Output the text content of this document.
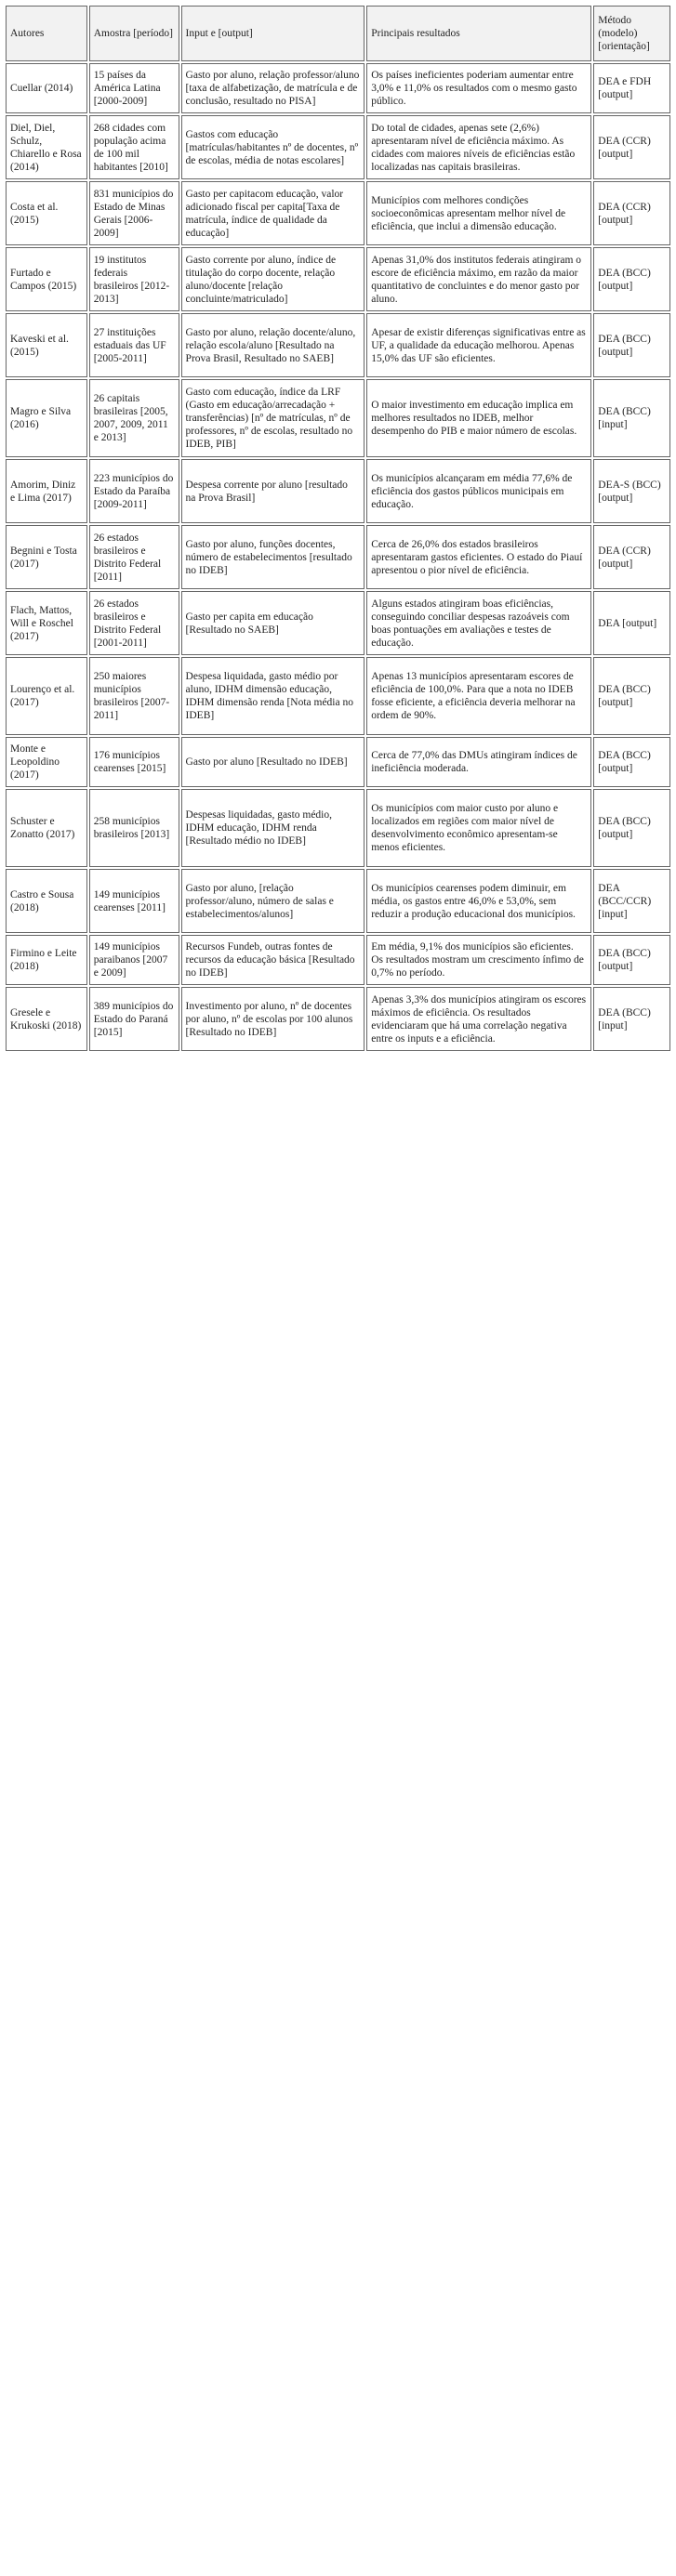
Autores	Amostra [período]	Input e [output]	Principais resultados	Método (modelo) [orientação]
Cuellar (2014)	15 países da América Latina [2000-2009]	Gasto por aluno, relação professor/aluno [taxa de alfabetização, de matrícula e de conclusão, resultado no PISA]	Os países ineficientes poderiam aumentar entre 3,0% e 11,0% os resultados com o mesmo gasto público.	DEA e FDH [output]
Diel, Diel, Schulz, Chiarello e Rosa (2014)	268 cidades com população acima de 100 mil habitantes [2010]	Gastos com educação [matrículas/habitantes nº de docentes, nº de escolas, média de notas escolares]	Do total de cidades, apenas sete (2,6%) apresentaram nível de eficiência máximo. As cidades com maiores níveis de eficiências estão localizadas nas capitais brasileiras.	DEA (CCR) [output]
Costa et al. (2015)	831 municípios do Estado de Minas Gerais [2006-2009]	Gasto per capitacom educação, valor adicionado fiscal per capita[Taxa de matrícula, índice de qualidade da educação]	Municípios com melhores condições socioeconômicas apresentam melhor nível de eficiência, que inclui a dimensão educação.	DEA (CCR) [output]
Furtado e Campos (2015)	19 institutos federais brasileiros [2012-2013]	Gasto corrente por aluno, índice de titulação do corpo docente, relação aluno/docente [relação concluinte/matriculado]	Apenas 31,0% dos institutos federais atingiram o escore de eficiência máximo, em razão da maior quantitativo de concluintes e do menor gasto por aluno.	DEA (BCC) [output]
Kaveski et al. (2015)	27 instituições estaduais das UF [2005-2011]	Gasto por aluno, relação docente/aluno, relação escola/aluno [Resultado na Prova Brasil, Resultado no SAEB]	Apesar de existir diferenças significativas entre as UF, a qualidade da educação melhorou. Apenas 15,0% das UF são eficientes.	DEA (BCC) [output]
Magro e Silva (2016)	26 capitais brasileiras [2005, 2007, 2009, 2011 e 2013]	Gasto com educação, índice da LRF (Gasto em educação/arrecadação + transferências) [nº de matrículas, nº de professores, nº de escolas, resultado no IDEB, PIB]	O maior investimento em educação implica em melhores resultados no IDEB, melhor desempenho do PIB e maior número de escolas.	DEA (BCC) [input]
Amorim, Diniz e Lima (2017)	223 municípios do Estado da Paraíba [2009-2011]	Despesa corrente por aluno [resultado na Prova Brasil]	Os municípios alcançaram em média 77,6% de eficiência dos gastos públicos municipais em educação.	DEA-S (BCC) [output]
Begnini e Tosta (2017)	26 estados brasileiros e Distrito Federal [2011]	Gasto por aluno, funções docentes, número de estabelecimentos [resultado no IDEB]	Cerca de 26,0% dos estados brasileiros apresentaram gastos eficientes. O estado do Piauí apresentou o pior nível de eficiência.	DEA (CCR) [output]
Flach, Mattos, Will e Roschel (2017)	26 estados brasileiros e Distrito Federal [2001-2011]	Gasto per capita em educação [Resultado no SAEB]	Alguns estados atingiram boas eficiências, conseguindo conciliar despesas razoáveis com boas pontuações em avaliações e testes de educação.	DEA [output]
Lourenço et al. (2017)	250 maiores municípios brasileiros [2007-2011]	Despesa liquidada, gasto médio por aluno, IDHM dimensão educação, IDHM dimensão renda [Nota média no IDEB]	Apenas 13 municípios apresentaram escores de eficiência de 100,0%. Para que a nota no IDEB fosse eficiente, a eficiência deveria melhorar na ordem de 90%.	DEA (BCC) [output]
Monte e Leopoldino (2017)	176 municípios cearenses [2015]	Gasto por aluno [Resultado no IDEB]	Cerca de 77,0% das DMUs atingiram índices de ineficiência moderada.	DEA (BCC) [output]
Schuster e Zonatto (2017)	258 municípios brasileiros [2013]	Despesas liquidadas, gasto médio, IDHM educação, IDHM renda [Resultado médio no IDEB]	Os municípios com maior custo por aluno e localizados em regiões com maior nível de desenvolvimento econômico apresentam-se menos eficientes.	DEA (BCC) [output]
Castro e Sousa (2018)	149 municípios cearenses [2011]	Gasto por aluno, [relação professor/aluno, número de salas e estabelecimentos/alunos]	Os municípios cearenses podem diminuir, em média, os gastos entre 46,0% e 53,0%, sem reduzir a produção educacional dos municípios.	DEA (BCC/CCR) [input]
Firmino e Leite (2018)	149 municípios paraibanos [2007 e 2009]	Recursos Fundeb, outras fontes de recursos da educação básica [Resultado no IDEB]	Em média, 9,1% dos municípios são eficientes. Os resultados mostram um crescimento ínfimo de 0,7% no período.	DEA (BCC) [output]
Gresele e Krukoski (2018)	389 municípios do Estado do Paraná [2015]	Investimento por aluno, nº de docentes por aluno, nº de escolas por 100 alunos [Resultado no IDEB]	Apenas 3,3% dos municípios atingiram os escores máximos de eficiência. Os resultados evidenciaram que há uma correlação negativa entre os inputs e a eficiência.	DEA (BCC) [input]
